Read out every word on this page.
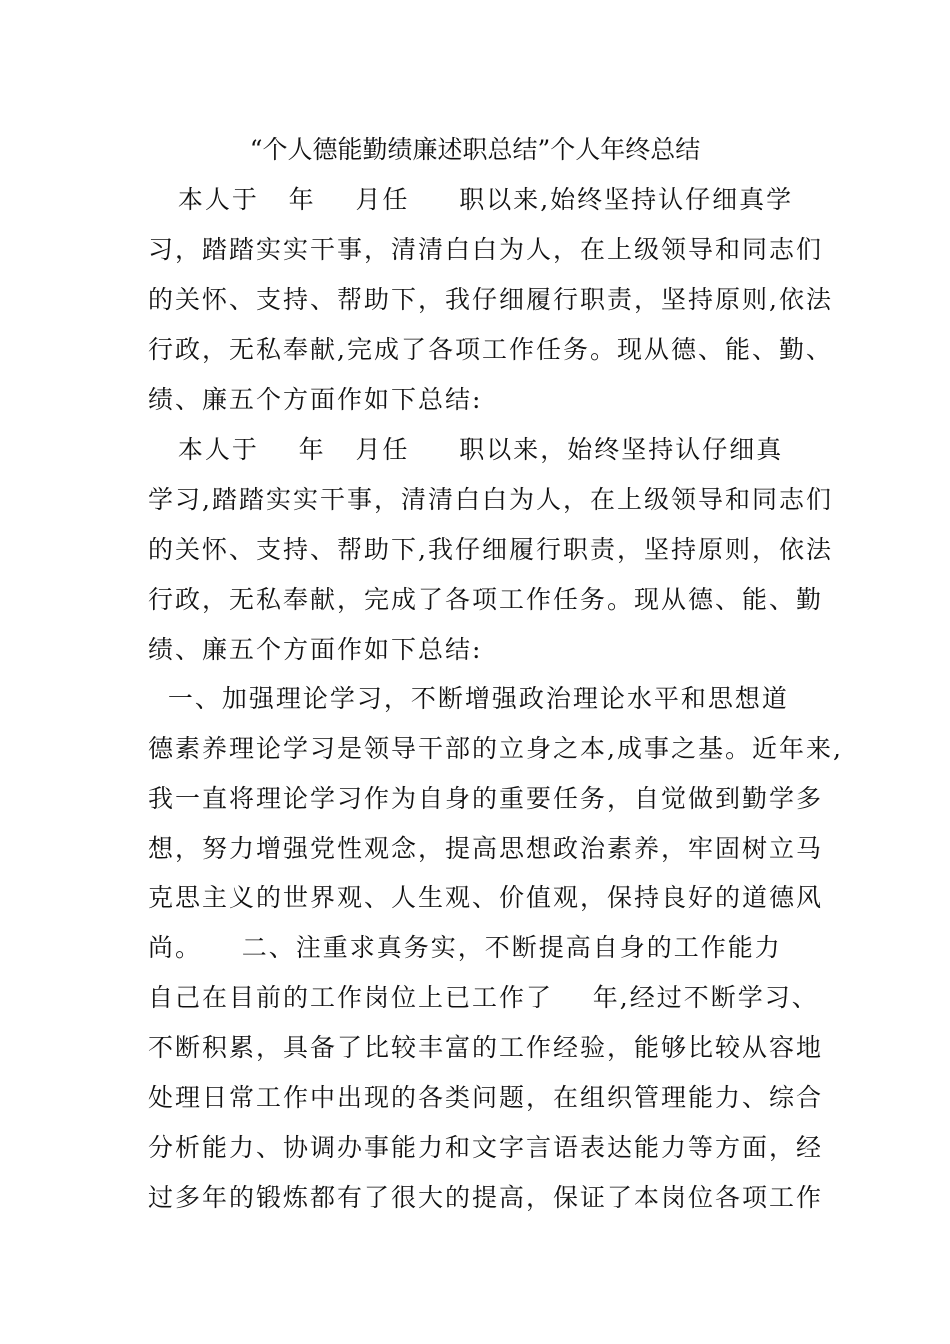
“个人德能勤绩廉述职总结”个人年终总结
本人于   年    月任     职以来,始终坚持认仔细真学
习，踏踏实实干事，清清白白为人，在上级领导和同志们
的关怀、支持、帮助下，我仔细履行职责，坚持原则,依法
行政，无私奉献,完成了各项工作任务。现从德、能、勤、
绩、廉五个方面作如下总结:
本人于    年   月任     职以来，始终坚持认仔细真
学习,踏踏实实干事，清清白白为人，在上级领导和同志们
的关怀、支持、帮助下,我仔细履行职责，坚持原则，依法
行政，无私奉献，完成了各项工作任务。现从德、能、勤
绩、廉五个方面作如下总结:
一、加强理论学习，不断增强政治理论水平和思想道
德素养理论学习是领导干部的立身之本,成事之基。近年来,
我一直将理论学习作为自身的重要任务，自觉做到勤学多
想，努力增强党性观念，提高思想政治素养，牢固树立马
克思主义的世界观、人生观、价值观，保持良好的道德风
尚。    二、注重求真务实，不断提高自身的工作能力
自己在目前的工作岗位上已工作了    年,经过不断学习、
不断积累，具备了比较丰富的工作经验，能够比较从容地
处理日常工作中出现的各类问题，在组织管理能力、综合
分析能力、协调办事能力和文字言语表达能力等方面，经
过多年的锻炼都有了很大的提高，保证了本岗位各项工作
